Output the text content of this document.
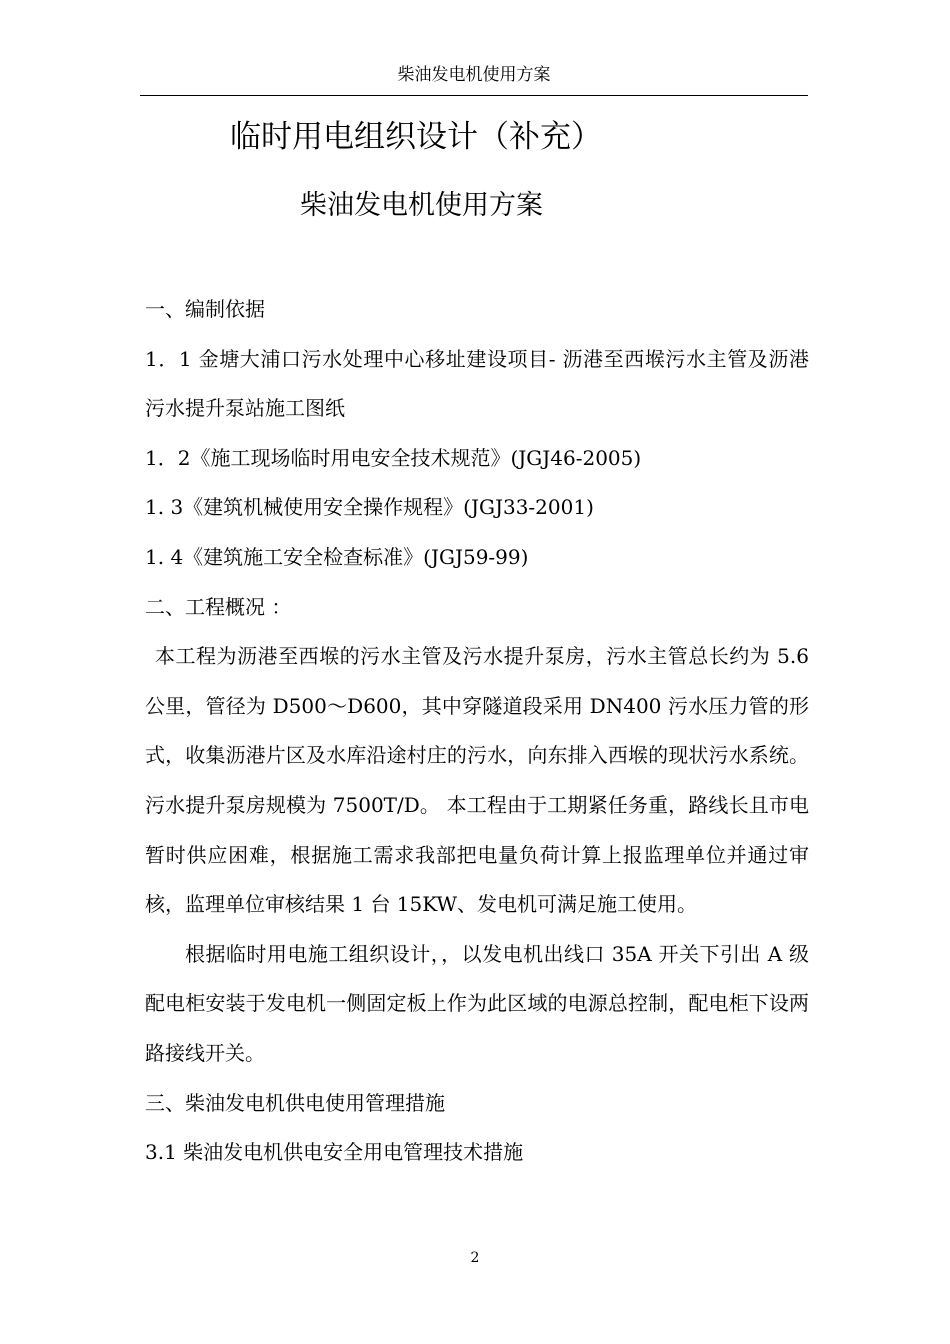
柴油发电机使用方案
临时用电组织设计（补充）
柴油发电机使用方案

一、编制依据

1．1 金塘大浦口污水处理中心移址建设项目- 沥港至西堠污水主管及沥港污水提升泵站施工图纸

1．2《施工现场临时用电安全技术规范》(JGJ46-2005)

1. 3《建筑机械使用安全操作规程》(JGJ33-2001)

1. 4《建筑施工安全检查标准》(JGJ59-99)

二、工程概况 ：

本工程为沥港至西堠的污水主管及污水提升泵房，污水主管总长约为 5.6 公里，管径为 D500～D600，其中穿隧道段采用 DN400 污水压力管的形式，收集沥港片区及水库沿途村庄的污水，向东排入西堠的现状污水系统。污水提升泵房规模为 7500T/D。 本工程由于工期紧任务重，路线长且市电暂时供应困难，根据施工需求我部把电量负荷计算上报监理单位并通过审核，监理单位审核结果 1 台 15KW、发电机可满足施工使用。

根据临时用电施工组织设计，，以发电机出线口 35A 开关下引出 A 级配电柜安装于发电机一侧固定板上作为此区域的电源总控制，配电柜下设两路接线开关。

三、柴油发电机供电使用管理措施

3.1 柴油发电机供电安全用电管理技术措施

2
